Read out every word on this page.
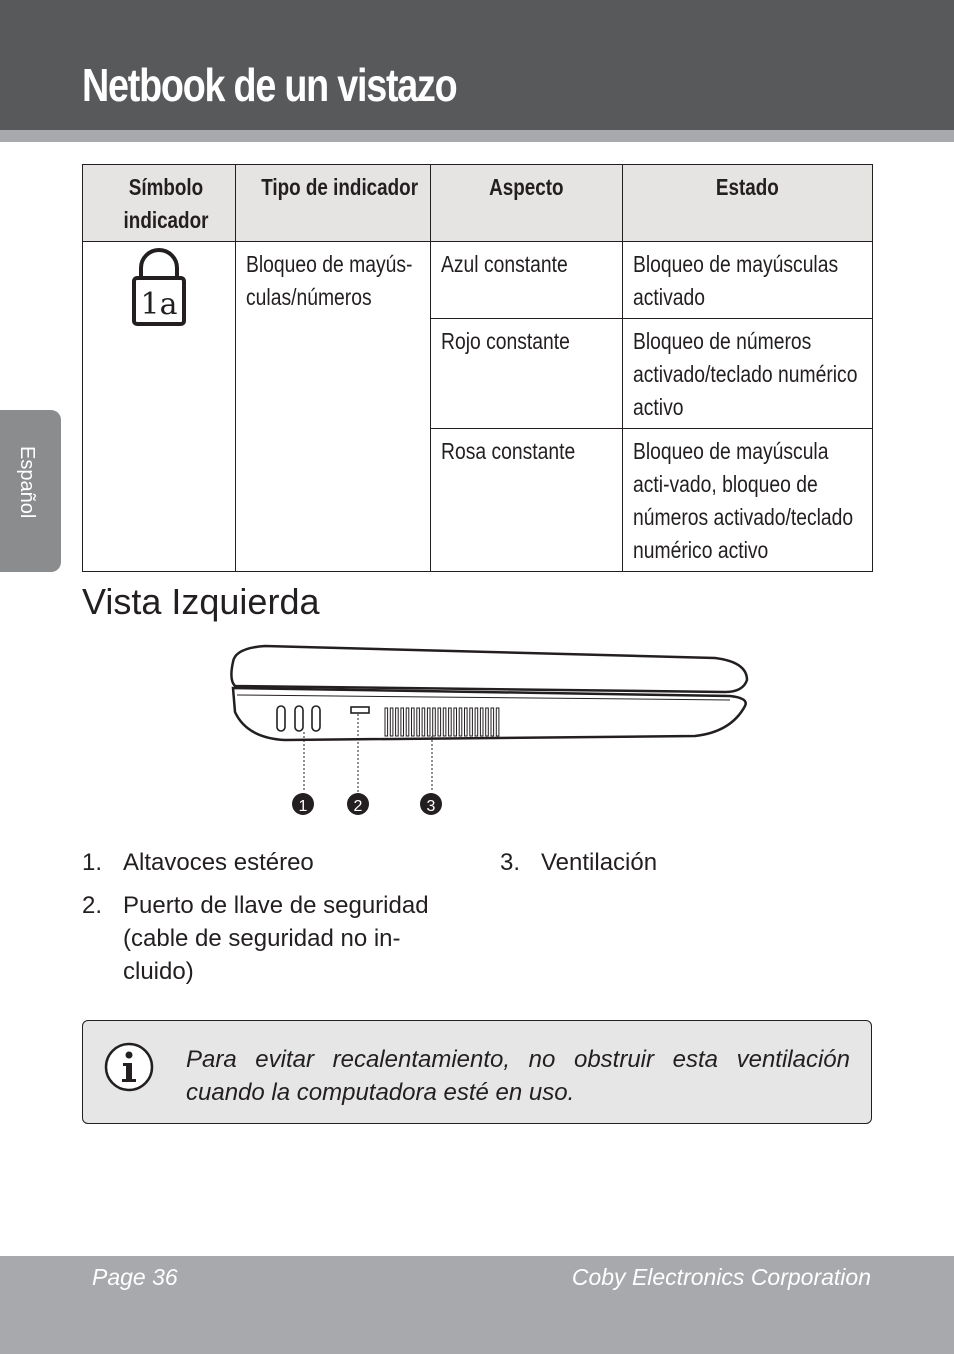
Netbook de un vistazo
Español
Símbolo indicador	Tipo de indicador	Aspecto	Estado

1a	Bloqueo de mayús-culas/números	Azul constante	Bloqueo de mayúsculas activado
		Rojo constante	Bloqueo de números activado/teclado numérico activo
		Rosa constante	Bloqueo de mayúscula acti-vado, bloqueo de números activado/teclado numérico activo
Vista Izquierda
1	2	3
1. Altavoces estéreo
2. Puerto de llave de seguridad (cable de seguridad no in-cluido)
3. Ventilación
Para evitar recalentamiento, no obstruir esta ventilación cuando la computadora esté en uso.
Page 36	Coby Electronics Corporation
